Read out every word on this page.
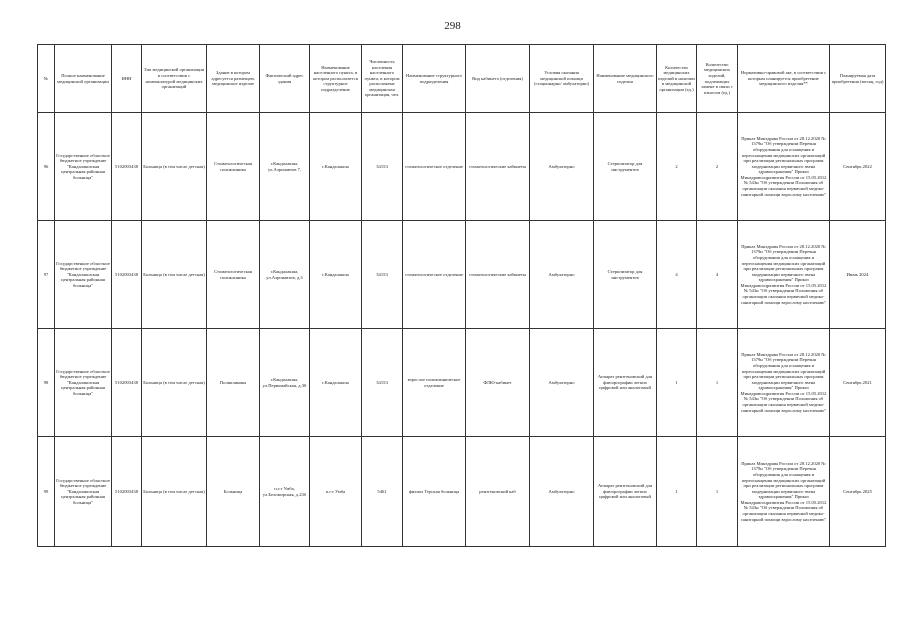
298
№	Полное наименование медицинской организации	ИНН	Тип медицинской организации в соответствии с номенклатурой медицинских организаций	Здание в котором адресуется размещать медицинское изделие	Фактический адрес здания	Наименование населенного пункта, в котором располагается структурное подразделение	Численность населения населенного пункта, в котором расположена медицинская организация, чел.	Наименование структурного подразделения	Вид кабинета (отделения)	Условия оказания медицинской помощи (стационарно/ амбулаторно)	Наименование медицинского изделия	Количество медицинских изделий в наличии в медицинской организации (ед.)	Количество медицинских изделий, подлежащих замене в связи с износом (ед.)	Нормативно-правовой акт, в соответствии с которым планируется приобретение медицинского изделия**	Планируемая дата приобретения (месяц, год)
96	Государственное областное бюджетное учреждение "Кандалакшская центральная районная больница"	5102003438	Больница (в том числе детская)	Стоматологическая поликлиника	г.Кандалакша, ул.Аэронавтов 7,	г.Кандалакша	34153	стоматологическое отделение	стоматологические кабинеты	Амбулаторно	Стерилизатор для инструментов	2	2	Приказ Минздрава России от 28.12.2020 № 1379н "Об утверждении Перечня оборудования для оснащения и переоснащения медицинских организаций при реализации региональных программ модернизации первичного звена здравоохранения" Приказ Минздравсоцразвития России от 15.05.2012 № 543н "Об утверждении Положения об организации оказания первичной медико-санитарной помощи взрослому населению"	Сентябрь 2022
97	Государственное областное бюджетное учреждение "Кандалакшская центральная районная больница"	5102003438	Больница (в том числе детская)	Стоматологическая поликлиника	г.Кандалакша, ул.Аэронавтов, д.3	г.Кандалакша	34153	стоматологическое отделение	стоматологические кабинеты	Амбулаторно	Стерилизатор для инструментов	4	4	Приказ Минздрава России от 28.12.2020 № 1379н "Об утверждении Перечня оборудования для оснащения и переоснащения медицинских организаций при реализации региональных программ модернизации первичного звена здравоохранения" Приказ Минздравсоцразвития России от 15.05.2012 № 543н "Об утверждении Положения об организации оказания первичной медико-санитарной помощи взрослому населению"	Июнь 2024
98	Государственное областное бюджетное учреждение "Кандалакшская центральная районная больница"	5102003438	Больница (в том числе детская)	Поликлиника	г.Кандалакша, ул.Первомайская, д.30	г.Кандалакша	34153	взрослое поликлиническое отделение	ФЛЮ-кабинет	Амбулаторно	Аппарат рентгеновский для флюорографии легких цифровой или аналоговый	1	1	Приказ Минздрава России от 28.12.2020 № 1379н "Об утверждении Перечня оборудования для оснащения и переоснащения медицинских организаций при реализации региональных программ модернизации первичного звена здравоохранения" Приказ Минздравсоцразвития России от 15.05.2012 № 543н "Об утверждении Положения об организации оказания первичной медико-санитарной помощи взрослому населению"	Сентябрь 2021
99	Государственное областное бюджетное учреждение "Кандалакшская центральная районная больница"	5102003438	Больница (в том числе детская)	Больница	п.г.т Умба, ул.Беломорская, д.23б	п.г.т Умба	5461	филиал Терская больница	рентгеновский каб	Амбулаторно	Аппарат рентгеновский для флюорографии легких цифровой или аналоговый	1	1	Приказ Минздрава России от 28.12.2020 № 1379н "Об утверждении Перечня оборудования для оснащения и переоснащения медицинских организаций при реализации региональных программ модернизации первичного звена здравоохранения" Приказ Минздравсоцразвития России от 15.05.2012 № 543н "Об утверждении Положения об организации оказания первичной медико-санитарной помощи взрослому населению"	Сентябрь 2025
